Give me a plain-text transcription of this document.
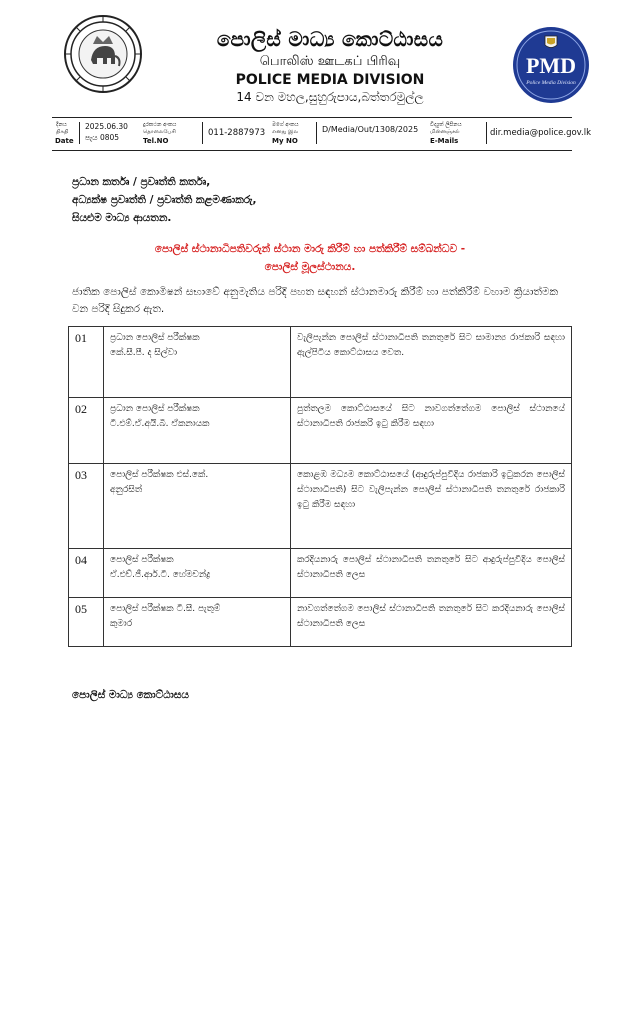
පොලිස් මාධ්‍ය කොට්ඨාසය
பொலிஸ் ஊடகப் பிரிவு
POLICE MEDIA DIVISION
14 වන මහල,සුහුරුපාය,බත්තරමුල්ල
PMD
Police Media Division
දිනය
திகதி
Date
2025.06.30
පැය 0805
දුරකථන අංකය
தொலைபேசி
Tel.NO
011-2887973
මගේ අංකය
எனது இல
My NO
D/Media/Out/1308/2025 විද්‍යුත් ලිපිනය
மின்னஞ்சல்
E-Mails
dir.media@police.gov.lk
ප්‍රධාන කර්තෘ / ප්‍රවෘත්ති කර්තෘ,
අධ්‍යක්ෂ ප්‍රවෘත්ති / ප්‍රවෘත්ති කළමණාකරු,
සියළුම මාධ්‍ය ආයතන.
පොලිස් ස්ථානාධිපතිවරුන් ස්ථාන මාරු කිරීම් හා පත්කිරීම් සම්බන්ධව -
පොලිස් මූලස්ථානය.
ජාතික පොලිස් කොමිෂන් සභාවේ අනුමැතිය පරිදි පහත සඳහන් ස්ථානමාරු කිරීම් හා පත්කිරීම් වහාම ක්‍රියාත්මක වන පරිදි සිදුකර ඇත.
01	ප්‍රධාන පොලිස් පරීක්ෂක
කේ.සී.පී. ද සිල්වා	වැලිපැන්න පොලිස් ස්ථානාධිපති තනතුරේ සිට සාමාන්‍ය රාජකාරි සඳහා ඇල්පිටිය කොට්ඨාසය වෙත.
02	ප්‍රධාන පොලිස් පරීක්ෂක
ටී.එම්.ඒ.අයි.බී. ඒකනායක	පුත්තලම කොට්ඨාසයේ සිට නාවගත්තේගම පොලිස් ස්ථානයේ ස්ථානාධිපති රාජකරි ඉටු කිරීම සඳහා
03	පොලිස් පරීක්ෂක එස්.කේ.
අනුරසිත්	කොළඹ මධ්‍යම කොට්ඨාසයේ (ආදුරුප්පුවීදිය රාජකාරි ඉටුකරන පොලිස් ස්ථානාධිපති) සිට වැලිපැන්න පොලිස් ස්ථානාධිපති තනතුරේ රාජකාරි ඉටු කිරීම සඳහා
04	පොලිස් පරීක්ෂක
ඒ.එච්.ජී.ආර්.ටී. හේමචන්ද්‍ර	කරදියනාරු පොලිස් ස්ථානාධිපති තනතුරේ සිට ආදුරුප්පුවීදිය පොලිස් ස්ථානාධිපති ලෙස
05	පොලිස් පරීක්ෂක ටී.සී. පැතුම්
කුමාර	නාවගත්තේගම පොලිස් ස්ථානාධිපති තනතුරේ සිට කරදියනාරු පොලිස් ස්ථානාධිපති ලෙස
පොලිස් මාධ්‍ය කොට්ඨාසය
